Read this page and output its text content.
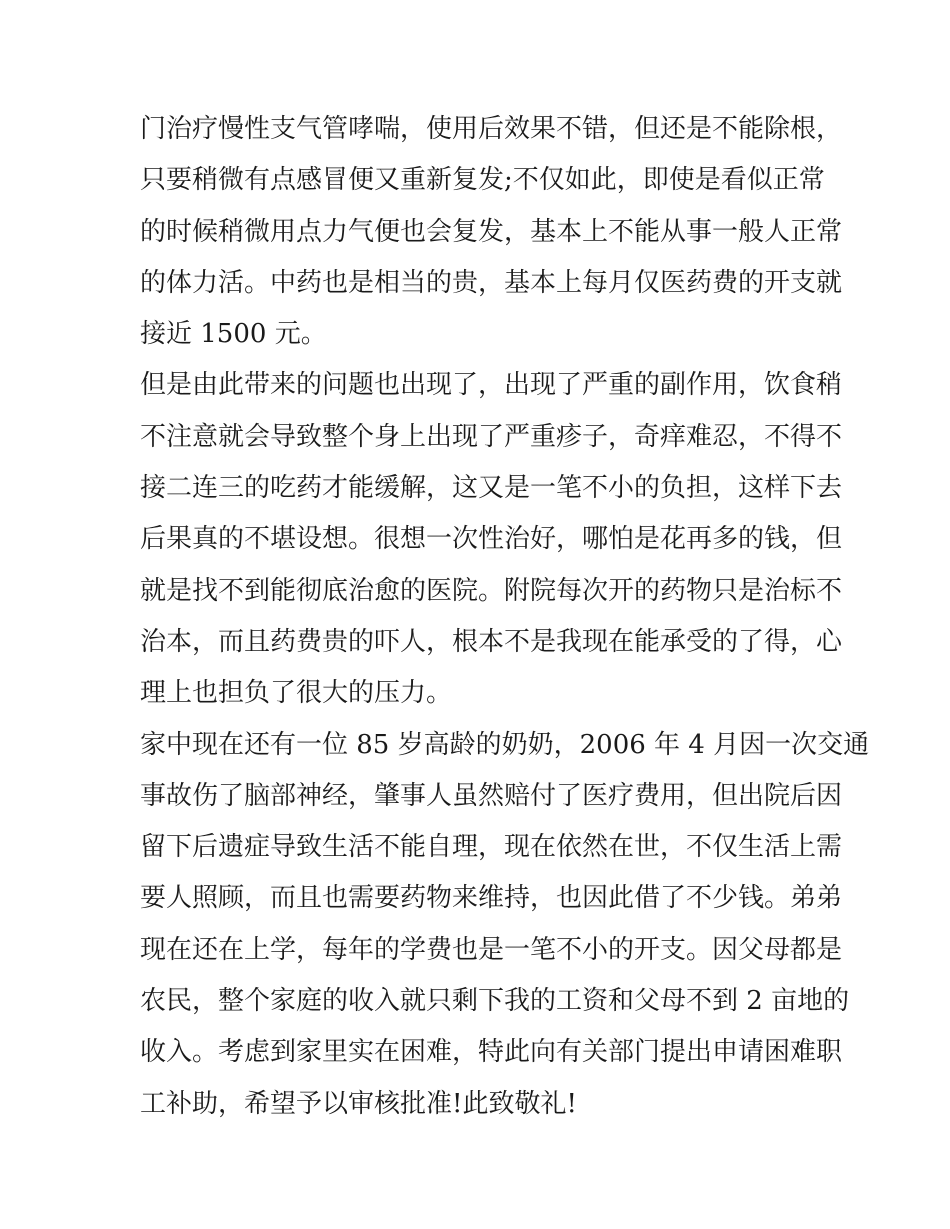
门治疗慢性支气管哮喘，使用后效果不错，但还是不能除根，
只要稍微有点感冒便又重新复发;不仅如此，即使是看似正常
的时候稍微用点力气便也会复发，基本上不能从事一般人正常
的体力活。中药也是相当的贵，基本上每月仅医药费的开支就
接近 1500 元。
但是由此带来的问题也出现了，出现了严重的副作用，饮食稍
不注意就会导致整个身上出现了严重疹子，奇痒难忍，不得不
接二连三的吃药才能缓解，这又是一笔不小的负担，这样下去
后果真的不堪设想。很想一次性治好，哪怕是花再多的钱，但
就是找不到能彻底治愈的医院。附院每次开的药物只是治标不
治本，而且药费贵的吓人，根本不是我现在能承受的了得，心
理上也担负了很大的压力。
家中现在还有一位 85 岁高龄的奶奶，2006 年 4 月因一次交通
事故伤了脑部神经，肇事人虽然赔付了医疗费用，但出院后因
留下后遗症导致生活不能自理，现在依然在世，不仅生活上需
要人照顾，而且也需要药物来维持，也因此借了不少钱。弟弟
现在还在上学，每年的学费也是一笔不小的开支。因父母都是
农民，整个家庭的收入就只剩下我的工资和父母不到 2 亩地的
收入。考虑到家里实在困难，特此向有关部门提出申请困难职
工补助，希望予以审核批准!此致敬礼!
